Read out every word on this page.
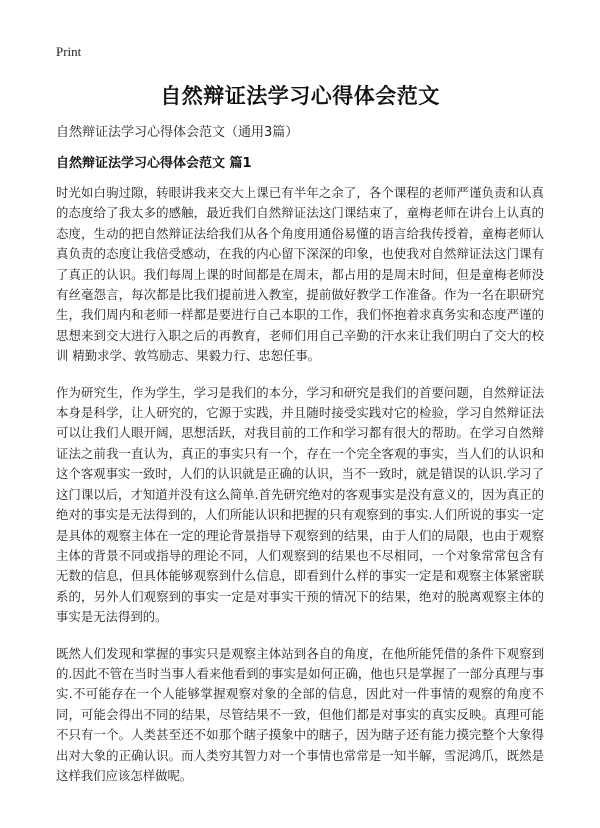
Print
自然辩证法学习心得体会范文

自然辩证法学习心得体会范文（通用3篇）

自然辩证法学习心得体会范文 篇1

时光如白驹过隙，转眼讲我来交大上课已有半年之余了，各个课程的老师严谨负责和认真的态度给了我太多的感触，最近我们自然辩证法这门课结束了，童梅老师在讲台上认真的态度，生动的把自然辩证法给我们从各个角度用通俗易懂的语言给我传授着，童梅老师认真负责的态度让我倍受感动，在我的内心留下深深的印象，也使我对自然辩证法这门课有了真正的认识。我们每周上课的时间都是在周末，都占用的是周末时间，但是童梅老师没有丝毫怨言，每次都是比我们提前进入教室，提前做好教学工作准备。作为一名在职研究生，我们周内和老师一样都是要进行自己本职的工作，我们怀抱着求真务实和态度严谨的思想来到交大进行入职之后的再教育，老师们用自己辛勤的汗水来让我们明白了交大的校训 精勤求学、敦笃励志、果毅力行、忠恕任事。

作为研究生，作为学生，学习是我们的本分，学习和研究是我们的首要问题，自然辩证法本身是科学，让人研究的，它源于实践，并且随时接受实践对它的检验，学习自然辩证法可以让我们人眼开阔，思想活跃，对我目前的工作和学习都有很大的帮助。在学习自然辩证法之前我一直认为，真正的事实只有一个，存在一个完全客观的事实，当人们的认识和这个客观事实一致时，人们的认识就是正确的认识，当不一致时，就是错误的认识.学习了这门课以后，才知道并没有这么简单.首先研究绝对的客观事实是没有意义的，因为真正的绝对的事实是无法得到的，人们所能认识和把握的只有观察到的事实.人们所说的事实一定是具体的观察主体在一定的理论背景指导下观察到的结果，由于人们的局限，也由于观察主体的背景不同或指导的理论不同，人们观察到的结果也不尽相同，一个对象常常包含有无数的信息，但具体能够观察到什么信息，即看到什么样的事实一定是和观察主体紧密联系的，另外人们观察到的事实一定是对事实干预的情况下的结果，绝对的脱离观察主体的事实是无法得到的。

既然人们发现和掌握的事实只是观察主体站到各自的角度，在他所能凭借的条件下观察到的.因此不管在当时当事人看来他看到的事实是如何正确，他也只是掌握了一部分真理与事实.不可能存在一个人能够掌握观察对象的全部的信息，因此对一件事情的观察的角度不同，可能会得出不同的结果，尽管结果不一致，但他们都是对事实的真实反映。真理可能不只有一个。人类甚至还不如那个瞎子摸象中的瞎子，因为瞎子还有能力摸完整个大象得出对大象的正确认识。而人类穷其智力对一个事情也常常是一知半解，雪泥鸿爪，既然是这样我们应该怎样做呢。
